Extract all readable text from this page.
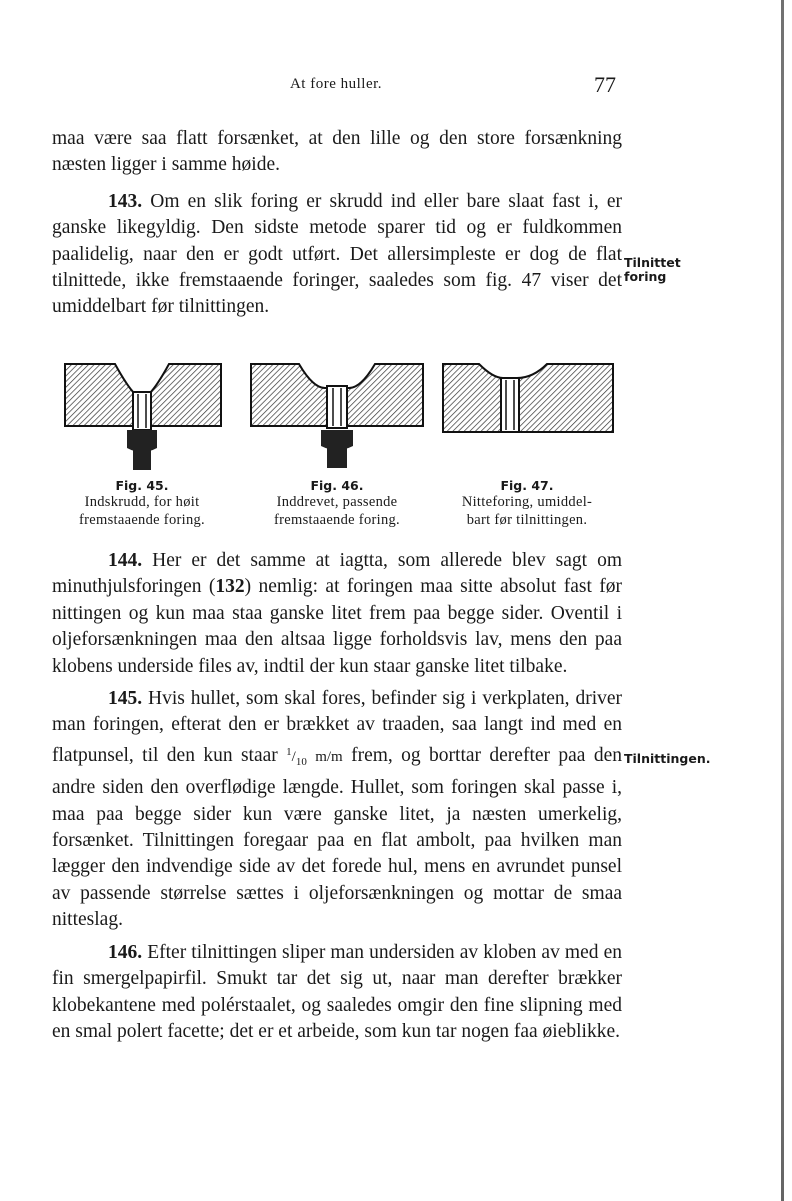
At fore huller.	77

maa være saa flatt forsænket, at den lille og den store forsænkning næsten ligger i samme høide.

143. Om en slik foring er skrudd ind eller bare slaat fast i, er ganske likegyldig. Den sidste metode sparer tid og er fuldkommen paalidelig, naar den er godt utført. Det allersimpleste er dog de flat tilnittede, ikke fremstaaende foringer, saaledes som fig. 47 viser det umiddelbart før tilnittingen.

Tilnittet
foring
Fig. 45.
Indskrudd, for høit
fremstaaende foring.
Fig. 46.
Inddrevet, passende
fremstaaende foring.
Fig. 47.
Nitteforing, umiddel-
bart før tilnittingen.

144. Her er det samme at iagtta, som allerede blev sagt om minuthjulsforingen (132) nemlig: at foringen maa sitte absolut fast før nittingen og kun maa staa ganske litet frem paa begge sider. Oventil i oljeforsænkningen maa den altsaa ligge forholdsvis lav, mens den paa klobens underside files av, indtil der kun staar ganske litet tilbake.

145. Hvis hullet, som skal fores, befinder sig i verkplaten, driver man foringen, efterat den er brækket av traaden, saa langt ind med en flatpunsel, til den kun staar $^1/_{10}$ m/m frem, og borttar derefter paa den andre siden den overflødige længde. Hullet, som foringen skal passe i, maa paa begge sider kun være ganske litet, ja næsten umerkelig, forsænket. Tilnittingen foregaar paa en flat ambolt, paa hvilken man lægger den indvendige side av det forede hul, mens en avrundet punsel av passende størrelse sættes i oljeforsænkningen og mottar de smaa nitteslag.

146. Efter tilnittingen sliper man undersiden av kloben av med en fin smergelpapirfil. Smukt tar det sig ut, naar man derefter brækker klobekantene med polérstaalet, og saaledes omgir den fine slipning med en smal polert facette; det er et arbeide, som kun tar nogen faa øieblikke.

Tilnittingen.
